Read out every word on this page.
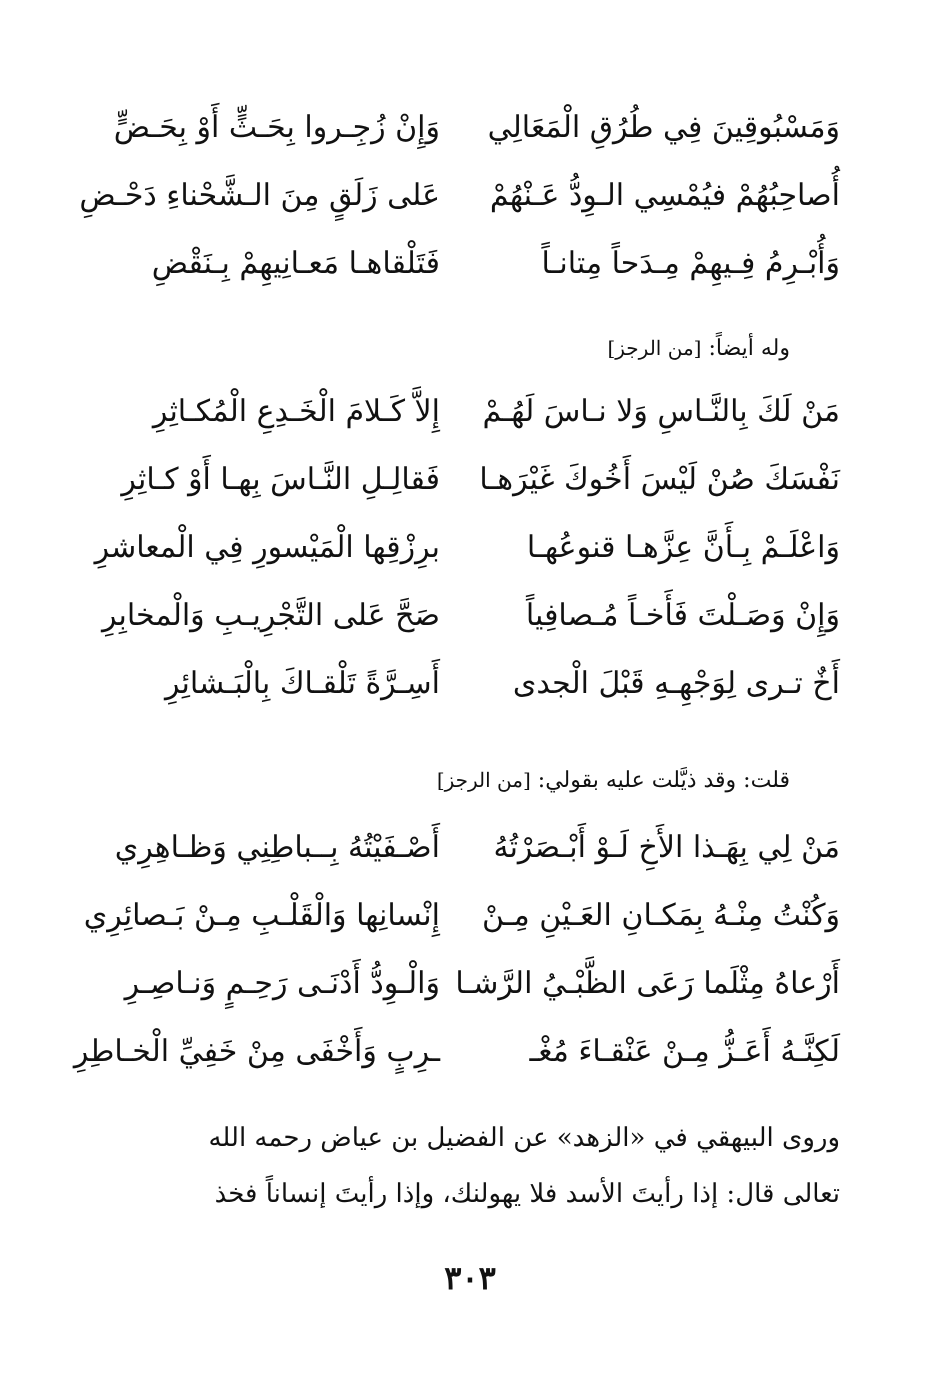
وَمَسْبُوقِينَ فِي طُرُقِ الْمَعَالِي
وَإِنْ زُجِـروا بِحَـثٍّ أَوْ بِحَـضٍّ
أُصاحِبُهُمْ فيُمْسِي الـوِدُّ عَـنْهُمْ
عَلى زَلَقٍ مِنَ الـشَّحْناءِ دَحْـضِ
وَأُبْـرِمُ فِـيهِمْ مِـدَحاً مِتانـاً
فَتَلْقاهـا مَعـانِيهِمْ بِـنَقْضِ
وله أيضاً: [من الرجز]
مَنْ لَكَ بِالنَّـاسِ وَلا نـاسَ لَهُـمْ
إِلاَّ كَـلامَ الْخَـدِعِ الْمُكـاثِرِ
نَفْسَكَ صُنْ لَيْسَ أَخُوكَ غَيْرَهـا
فَقالِـلِ النَّـاسَ بِهـا أَوْ كـاثِرِ
وَاعْلَـمْ بِـأَنَّ عِزَّهـا قنوعُهـا
برِزْقِها الْمَيْسورِ فِي الْمعاشرِ
وَإِنْ وَصَـلْتَ فَأَخـاً مُـصافِياً
صَحَّ عَلى التَّجْرِيـبِ وَالْمخابِرِ
أَخٌ تـرى لِوَجْهِـهِ قَبْلَ الْجدى
أَسِـرَّةً تَلْقـاكَ بِالْبَـشائِرِ
قلت: وقد ذيَّلت عليه بقولي: [من الرجز]
مَنْ لِي بِهَـذا الأَخِ لَـوْ أَبْـصَرْتُهُ
أَصْـفَيْتُهُ بِــباطِنِي وَظـاهِرِي
وَكُنْتُ مِنْـهُ بِمَكـانِ العَـيْنِ مِـنْ
إِنْسانِها وَالْقَلْـبِ مِـنْ بَـصائِرِي
أَرْعاهُ مِثْلَما رَعَى الظَّبْـيُ الرَّشـا
وَالْـوِدُّ أَدْنَـى رَحِـمٍ وَنـاصِـرِ
لَكِنَّـهُ أَعَـزُّ مِـنْ عَنْقـاءَ مُغْـ
ـرِبٍ وَأَخْفَى مِنْ خَفِيِّ الْخـاطِرِ

وروى البيهقي في «الزهد» عن الفضيل بن عياض رحمه الله

تعالى قال: إذا رأيتَ الأسد فلا يهولنك، وإذا رأيتَ إنساناً فخذ

٣٠٣
